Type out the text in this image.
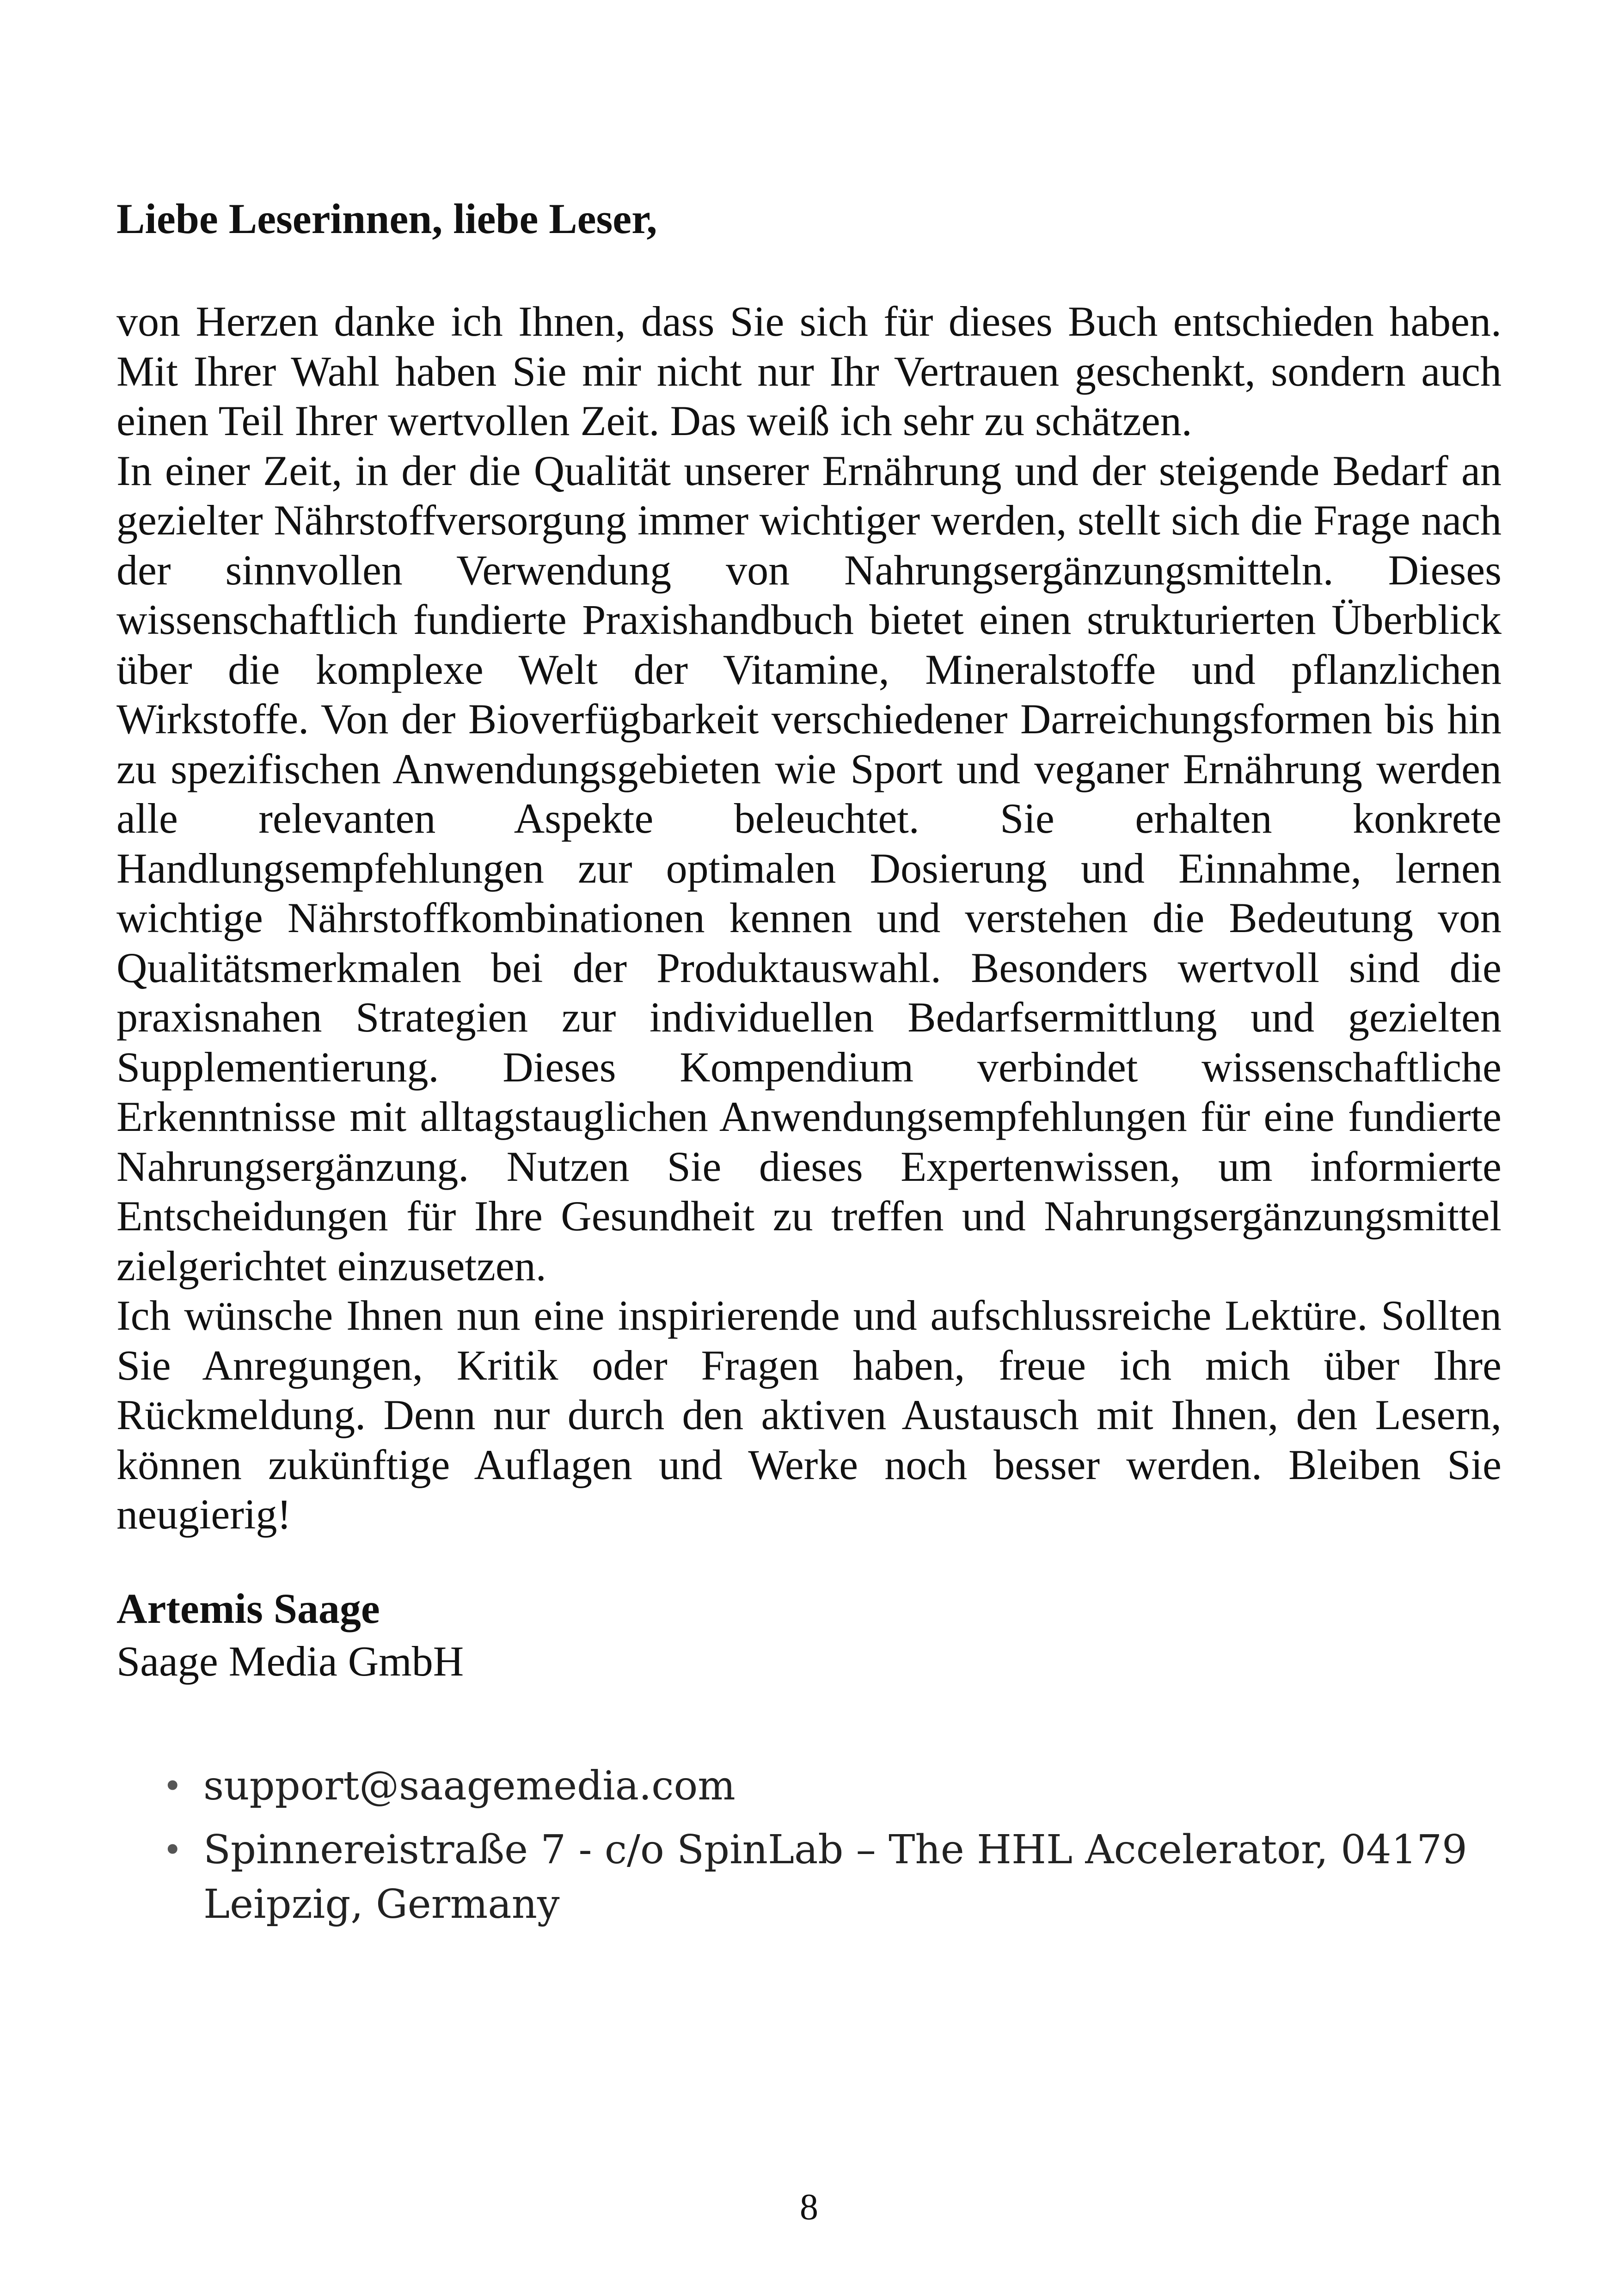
Liebe Leserinnen, liebe Leser,

von Herzen danke ich Ihnen, dass Sie sich für dieses Buch entschieden haben. Mit Ihrer Wahl haben Sie mir nicht nur Ihr Vertrauen geschenkt, sondern auch einen Teil Ihrer wertvollen Zeit. Das weiß ich sehr zu schätzen.

In einer Zeit, in der die Qualität unserer Ernährung und der steigende Bedarf an gezielter Nährstoffversorgung immer wichtiger werden, stellt sich die Frage nach der sinnvollen Verwendung von Nahrungsergänzungsmitteln. Dieses wissenschaftlich fundierte Praxishandbuch bietet einen strukturierten Überblick über die komplexe Welt der Vitamine, Mineralstoffe und pflanzlichen Wirkstoffe. Von der Bioverfügbarkeit verschiedener Darreichungsformen bis hin zu spezifischen Anwendungsgebieten wie Sport und veganer Ernährung werden alle relevanten Aspekte beleuchtet. Sie erhalten konkrete Handlungsempfehlungen zur optimalen Dosierung und Einnahme, lernen wichtige Nährstoffkombinationen kennen und verstehen die Bedeutung von Qualitätsmerkmalen bei der Produktauswahl. Besonders wertvoll sind die praxisnahen Strategien zur individuellen Bedarfsermittlung und gezielten Supplementierung. Dieses Kompendium verbindet wissenschaftliche Erkenntnisse mit alltagstauglichen Anwendungsempfehlungen für eine fundierte Nahrungsergänzung. Nutzen Sie dieses Expertenwissen, um informierte Entscheidungen für Ihre Gesundheit zu treffen und Nahrungsergänzungsmittel zielgerichtet einzusetzen.

Ich wünsche Ihnen nun eine inspirierende und aufschlussreiche Lektüre. Sollten Sie Anregungen, Kritik oder Fragen haben, freue ich mich über Ihre Rückmeldung. Denn nur durch den aktiven Austausch mit Ihnen, den Lesern, können zukünftige Auflagen und Werke noch besser werden. Bleiben Sie neugierig!

Artemis Saage

Saage Media GmbH

• support@saagemedia.com
• Spinnereistraße 7 - c/o SpinLab – The HHL Accelerator, 04179 Leipzig, Germany
8
